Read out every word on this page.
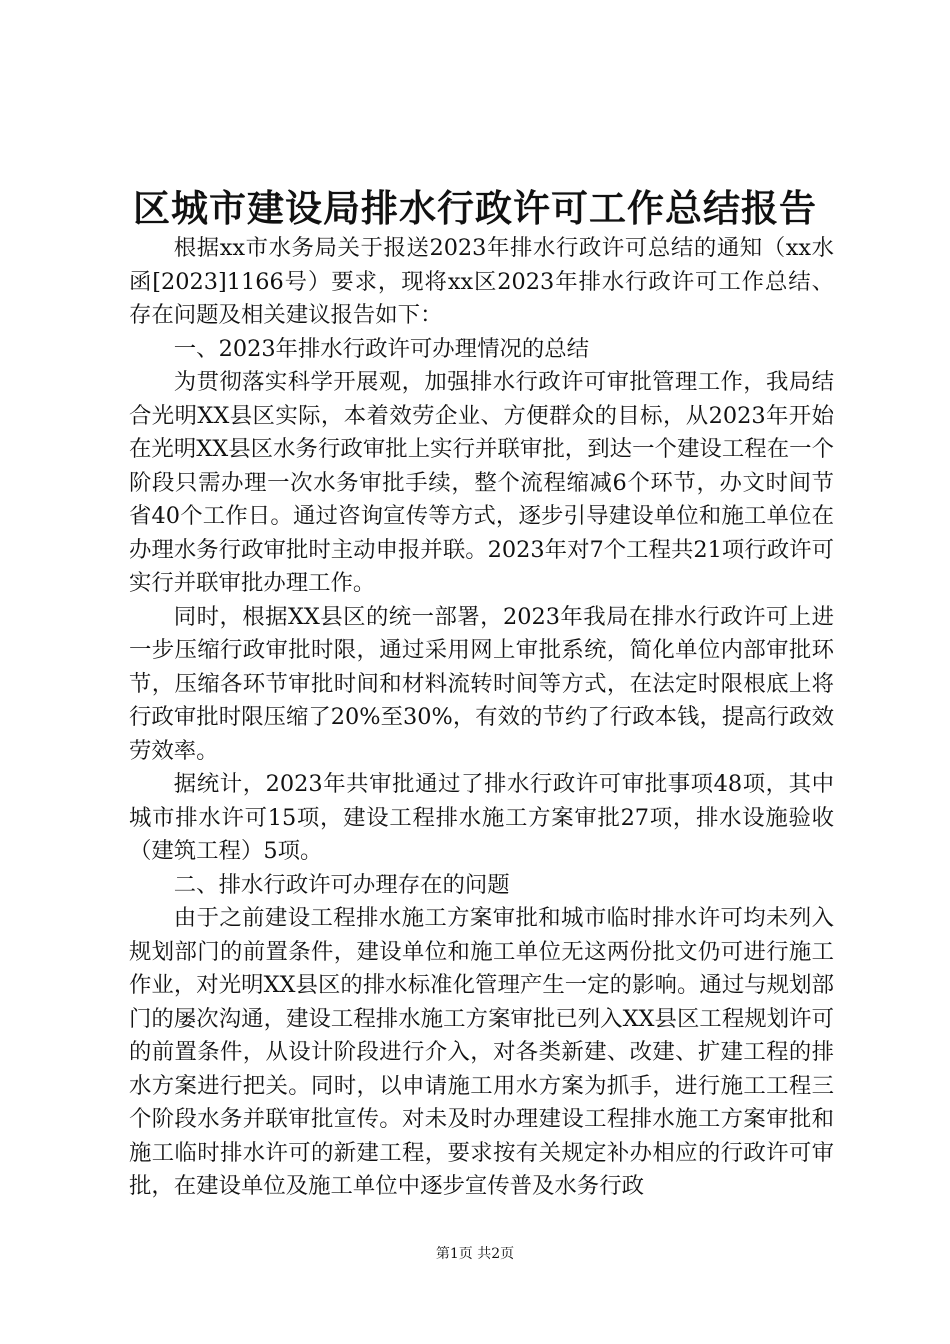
区城市建设局排水行政许可工作总结报告

根据xx市水务局关于报送2023年排水行政许可总结的通知（xx水函[2023]1166号）要求，现将xx区2023年排水行政许可工作总结、存在问题及相关建议报告如下：

一、2023年排水行政许可办理情况的总结

为贯彻落实科学开展观，加强排水行政许可审批管理工作，我局结合光明XX县区实际，本着效劳企业、方便群众的目标，从2023年开始在光明XX县区水务行政审批上实行并联审批，到达一个建设工程在一个阶段只需办理一次水务审批手续，整个流程缩减6个环节，办文时间节省40个工作日。通过咨询宣传等方式，逐步引导建设单位和施工单位在办理水务行政审批时主动申报并联。2023年对7个工程共21项行政许可实行并联审批办理工作。

同时，根据XX县区的统一部署，2023年我局在排水行政许可上进一步压缩行政审批时限，通过采用网上审批系统，简化单位内部审批环节，压缩各环节审批时间和材料流转时间等方式，在法定时限根底上将行政审批时限压缩了20%至30%，有效的节约了行政本钱，提高行政效劳效率。

据统计，2023年共审批通过了排水行政许可审批事项48项，其中城市排水许可15项，建设工程排水施工方案审批27项，排水设施验收（建筑工程）5项。

二、排水行政许可办理存在的问题

由于之前建设工程排水施工方案审批和城市临时排水许可均未列入规划部门的前置条件，建设单位和施工单位无这两份批文仍可进行施工作业，对光明XX县区的排水标准化管理产生一定的影响。通过与规划部门的屡次沟通，建设工程排水施工方案审批已列入XX县区工程规划许可的前置条件，从设计阶段进行介入，对各类新建、改建、扩建工程的排水方案进行把关。同时，以申请施工用水方案为抓手，进行施工工程三个阶段水务并联审批宣传。对未及时办理建设工程排水施工方案审批和施工临时排水许可的新建工程，要求按有关规定补办相应的行政许可审批，在建设单位及施工单位中逐步宣传普及水务行政

第1页 共2页
